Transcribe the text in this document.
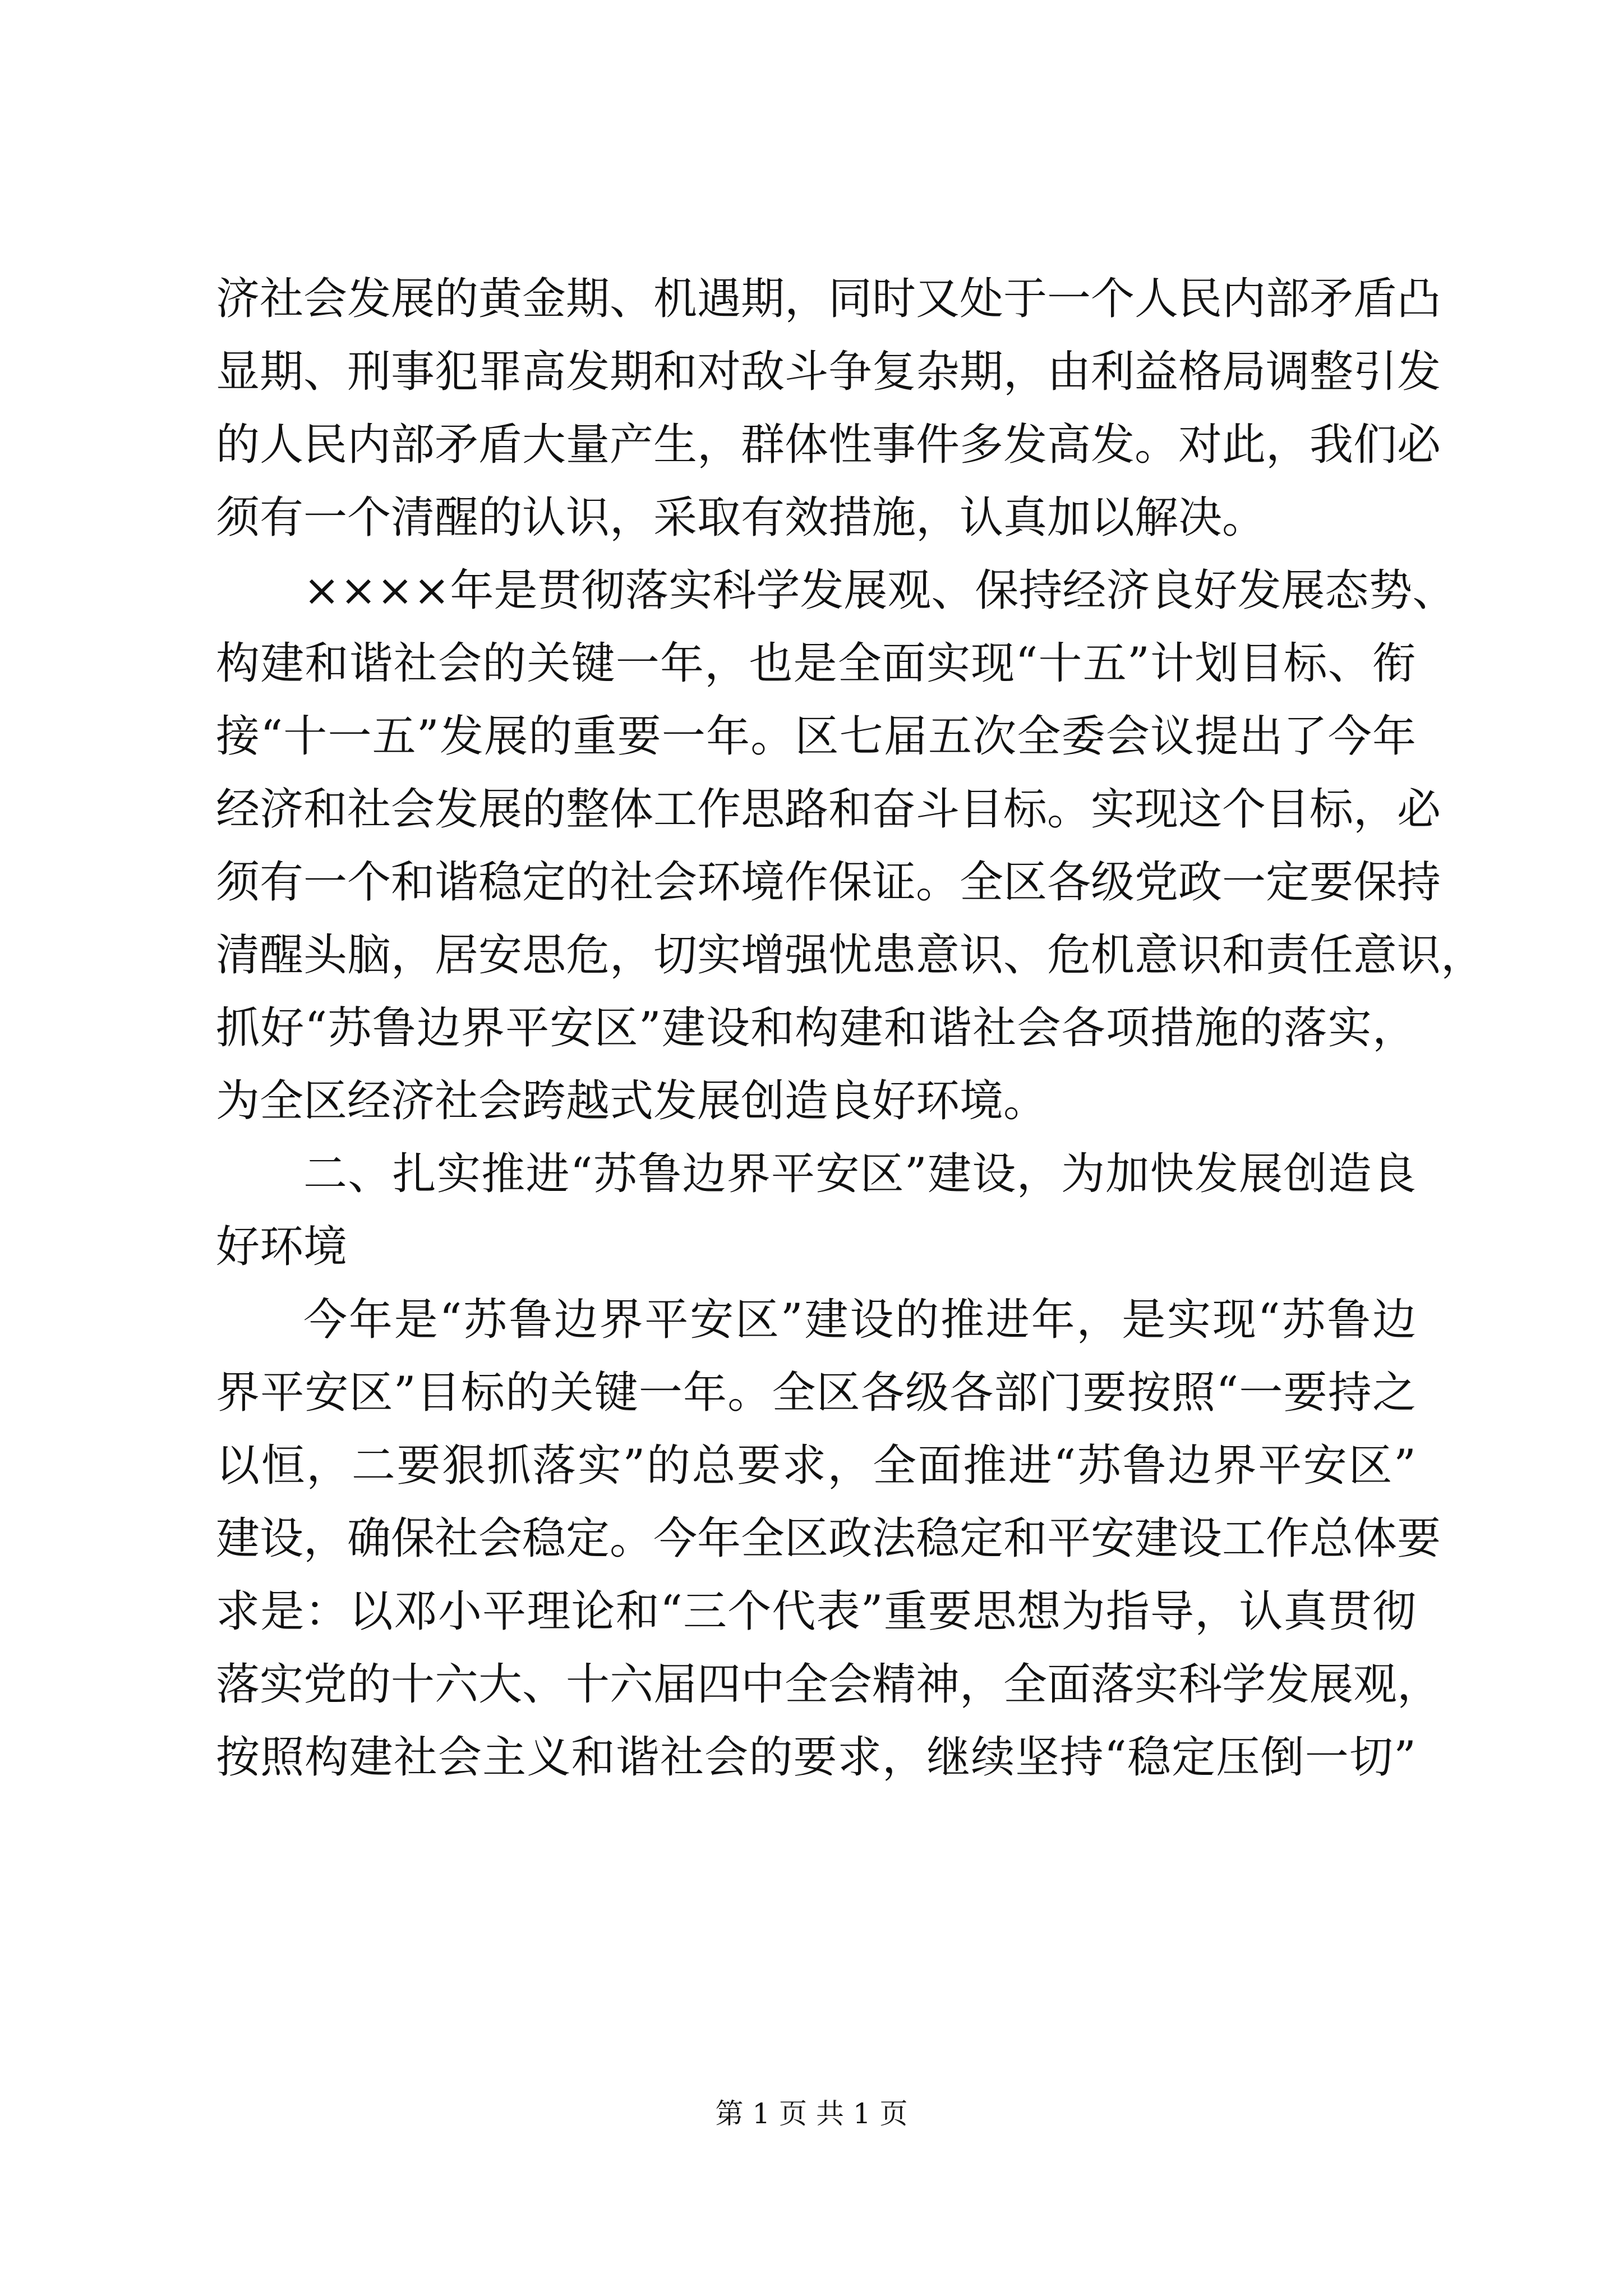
济社会发展的黄金期、机遇期，同时又处于一个人民内部矛盾凸
显期、刑事犯罪高发期和对敌斗争复杂期，由利益格局调整引发
的人民内部矛盾大量产生，群体性事件多发高发。对此，我们必
须有一个清醒的认识，采取有效措施，认真加以解决。
××××年是贯彻落实科学发展观、保持经济良好发展态势、
构建和谐社会的关键一年，也是全面实现“十五”计划目标、衔
接“十一五”发展的重要一年。区七届五次全委会议提出了今年
经济和社会发展的整体工作思路和奋斗目标。实现这个目标，必
须有一个和谐稳定的社会环境作保证。全区各级党政一定要保持
清醒头脑，居安思危，切实增强忧患意识、危机意识和责任意识，
抓好“苏鲁边界平安区”建设和构建和谐社会各项措施的落实，
为全区经济社会跨越式发展创造良好环境。
二、扎实推进“苏鲁边界平安区”建设，为加快发展创造良
好环境
今年是“苏鲁边界平安区”建设的推进年，是实现“苏鲁边
界平安区”目标的关键一年。全区各级各部门要按照“一要持之
以恒，二要狠抓落实”的总要求，全面推进“苏鲁边界平安区”
建设，确保社会稳定。今年全区政法稳定和平安建设工作总体要
求是：以邓小平理论和“三个代表”重要思想为指导，认真贯彻
落实党的十六大、十六届四中全会精神，全面落实科学发展观，
按照构建社会主义和谐社会的要求，继续坚持“稳定压倒一切”
第 1 页 共 1 页
